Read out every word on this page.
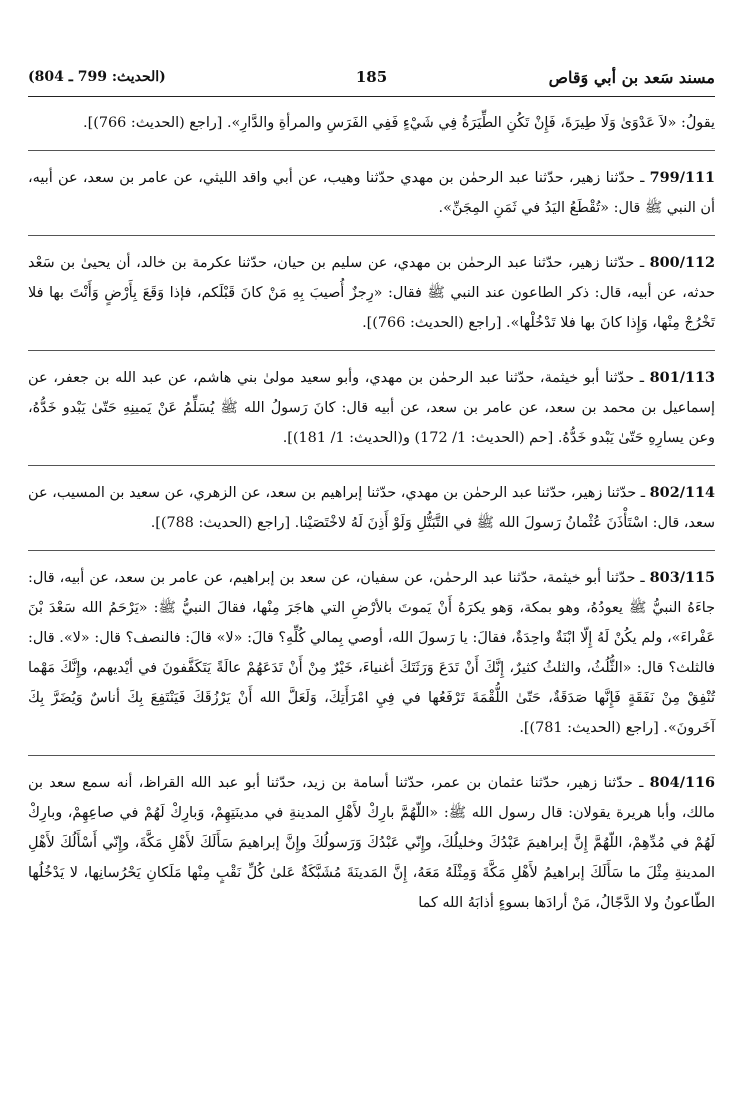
(الحديث: 799 ـ 804)	185	مسند سَعد بن أبي وَقاص

يقولُ: «لاَ عَدْوَىٰ وَلَا طِيرَةَ، فَإِنْ تَكُنِ الطِّيَرَةُ فِي شَيْءٍ فَفِي الفَرَسِ والمرأةِ والدَّارِ». [راجع (الحديث: 766)].

799/111 ـ حدّثنا زهير، حدّثنا عبد الرحمٰن بن مهدي حدّثنا وهيب، عن أبي واقد الليثي، عن عامر بن سعد، عن أبيه، أن النبي ﷺ قال: «تُقْطَعُ اليَدُ في ثَمَنِ المِجَنِّ».

800/112 ـ حدّثنا زهير، حدّثنا عبد الرحمٰن بن مهدي، عن سليم بن حيان، حدّثنا عكرمة بن خالد، أن يحيىٰ بن سَعْد حدثه، عن أبيه، قال: ذكر الطاعون عند النبي ﷺ فقال: «رِجزٌ أُصيبَ بِهِ مَنْ كانَ قَبْلَكم، فإذا وَقَعَ بِأَرْضٍ وَأَنْتَ بها فلا تَخْرُجْ مِنْها، وَإِذا كانَ بها فلا تَدْخُلْها». [راجع (الحديث: 766)].

801/113 ـ حدّثنا أبو خيثمة، حدّثنا عبد الرحمٰن بن مهدي، وأبو سعيد مولىٰ بني هاشم، عن عبد الله بن جعفر، عن إسماعيل بن محمد بن سعد، عن عامر بن سعد، عن أبيه قال: كانَ رَسولُ الله ﷺ يُسَلِّمُ عَنْ يَمينِهِ حَتّىٰ يَبْدو خَدُّهُ، وعن يسارِهِ حَتّىٰ يَبْدو خَدُّهُ. [حم (الحديث: 1/ 172) و(الحديث: 1/ 181)].

802/114 ـ حدّثنا زهير، حدّثنا عبد الرحمٰن بن مهدي، حدّثنا إبراهيم بن سعد، عن الزهري، عن سعيد بن المسيب، عن سعد، قال: اسْتَأْذَنَ عُثْمانُ رَسولَ الله ﷺ في التَّبَتُّلِ وَلَوْ أَذِنَ لَهُ لاخْتَصَيْنا. [راجع (الحديث: 788)].

803/115 ـ حدّثنا أبو خيثمة، حدّثنا عبد الرحمٰن، عن سفيان، عن سعد بن إبراهيم، عن عامر بن سعد، عن أبيه، قال: جاءَهُ النبيُّ ﷺ يعودُهُ، وهو بمكة، وَهو يكرَهُ أَنْ يَموتَ بالأرْضِ التي هاجَرَ مِنْها، فقالَ النبيُّ ﷺ: «يَرْحَمُ الله سَعْدَ بْنَ عَفْراءَ»، ولم يكُنْ لَهُ إِلّا ابْنَةٌ واحِدَةٌ، فقالَ: يا رَسولَ الله، أوصي بِمالي كُلِّهِ؟ قالَ: «لا» قالَ: فالنصف؟ قال: «لا». قال: فالثلث؟ قال: «الثُّلُثُ، والثلثُ كثيرٌ، إِنَّكَ أَنْ تَدَعَ وَرَثَتَكَ أغنياءَ، خَيْرٌ مِنْ أَنْ تَدَعَهُمْ عالَةً يَتَكَفَّفونَ في أيْديهم، وإِنَّكَ مَهْما تُنْفِقْ مِنْ نَفَقَةٍ فَإِنَّها صَدَقَةٌ، حَتّىٰ اللُّقْمَةَ تَرْفَعُها في فِيِ امْرَأَتِكَ، وَلَعَلَّ الله أَنْ يَرْزُقَكَ فَيَنْتَفِعَ بِكَ أناسٌ وَيُضَرَّ بِكَ آخَرونَ». [راجع (الحديث: 781)].

804/116 ـ حدّثنا زهير، حدّثنا عثمان بن عمر، حدّثنا أسامة بن زيد، حدّثنا أبو عبد الله القراظ، أنه سمع سعد بن مالك، وأبا هريرة يقولان: قال رسول الله ﷺ: «اللّهُمَّ بارِكْ لأَهْلِ المدينةِ في مدينَتِهِمْ، وَبارِكْ لَهُمْ في صاعِهِمْ، وبارِكْ لَهُمْ في مُدِّهِمْ، اللّهُمَّ إِنَّ إبراهيمَ عَبْدُكَ وخليلُكَ، وإِنّي عَبْدُكَ وَرَسولُكَ وإِنَّ إبراهيمَ سَأَلَكَ لأَهْلِ مَكَّةَ، وإِنّي أَسْأَلُكَ لأَهْلِ المدينةِ مِثْلَ ما سَأَلَكَ إبراهيمُ لأَهْلِ مَكَّةَ وَمِثْلَهُ مَعَهُ، إِنَّ المَدينَةَ مُشَبَّكَةٌ عَلىٰ كُلِّ نَقْبٍ مِنْها مَلَكانِ يَحْرُسانِها، لا يَدْخُلُها الطّاعونُ ولا الدَّجّالُ، مَنْ أرادَها بسوءٍ أذابَهُ الله كما
